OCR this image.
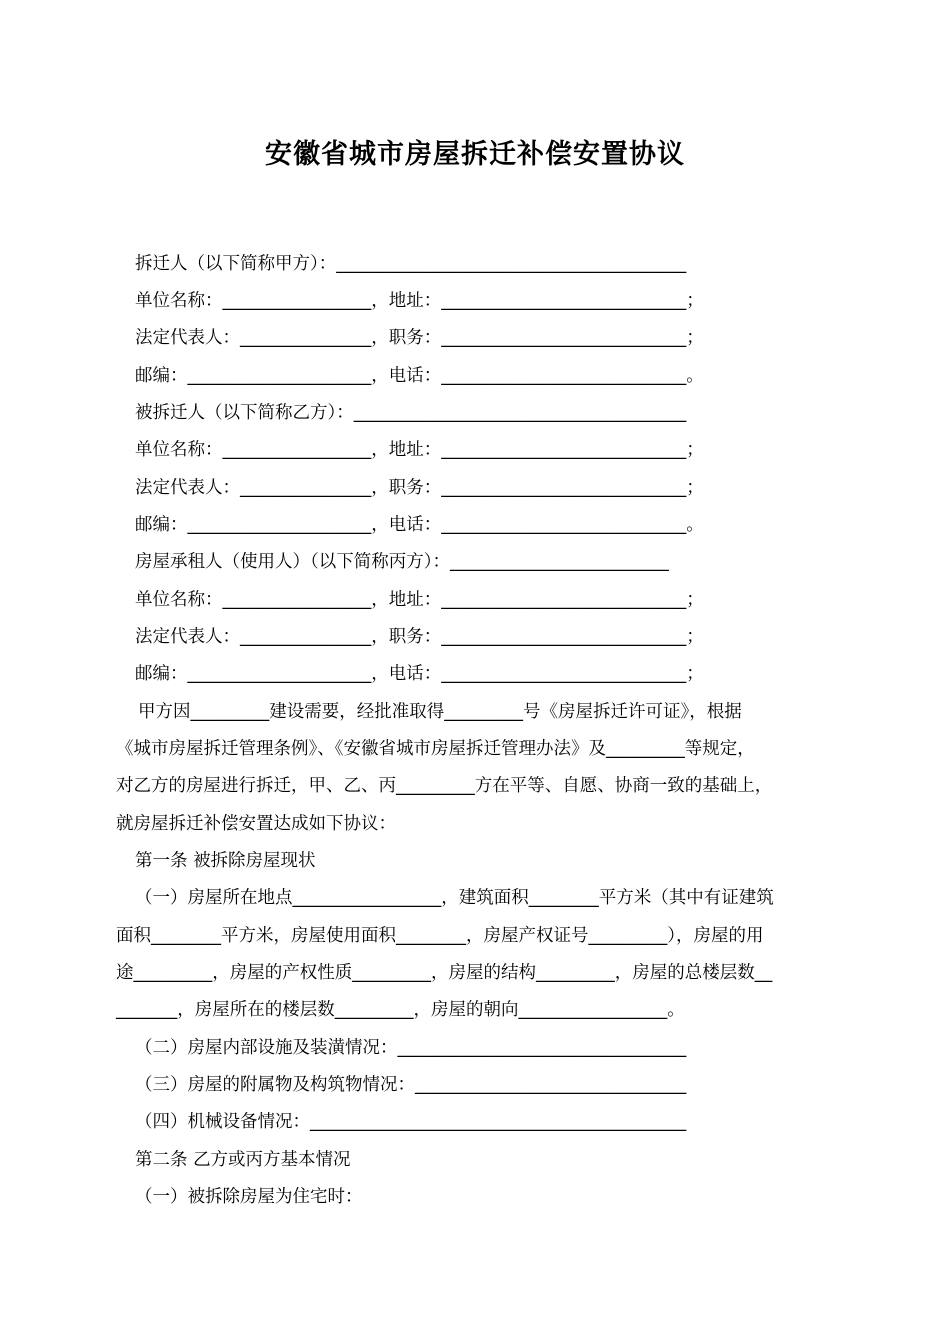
安徽省城市房屋拆迁补偿安置协议
拆迁人（以下简称甲方）：________________________________________
单位名称：_________________，地址：____________________________；
法定代表人：_______________，职务：____________________________；
邮编：_____________________，电话：____________________________。
被拆迁人（以下简称乙方）：______________________________________
单位名称：_________________，地址：____________________________；
法定代表人：_______________，职务：____________________________；
邮编：_____________________，电话：____________________________。
房屋承租人（使用人）（以下简称丙方）：_________________________
单位名称：_________________，地址：____________________________；
法定代表人：_______________，职务：____________________________；
邮编：_____________________，电话：____________________________；
甲方因_________建设需要，经批准取得_________号《房屋拆迁许可证》，根据
《城市房屋拆迁管理条例》、《安徽省城市房屋拆迁管理办法》及_________等规定，
对乙方的房屋进行拆迁，甲、乙、丙_________方在平等、自愿、协商一致的基础上，
就房屋拆迁补偿安置达成如下协议：
第一条 被拆除房屋现状
（一）房屋所在地点_________________，建筑面积________平方米（其中有证建筑
面积________平方米，房屋使用面积________，房屋产权证号_________），房屋的用
途_________，房屋的产权性质_________，房屋的结构_________，房屋的总楼层数__
_______，房屋所在的楼层数_________，房屋的朝向_________________。
（二）房屋内部设施及装潢情况：_________________________________
（三）房屋的附属物及构筑物情况：_______________________________
（四）机械设备情况：___________________________________________
第二条 乙方或丙方基本情况
（一）被拆除房屋为住宅时：
